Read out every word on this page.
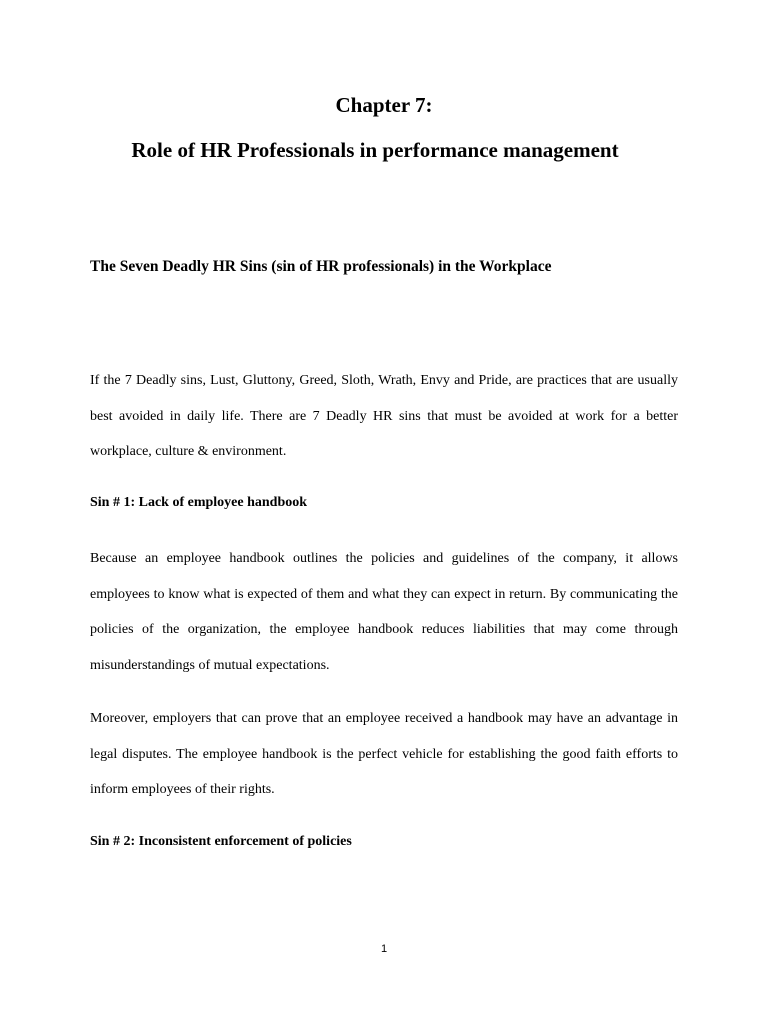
Chapter 7:
Role of HR Professionals in performance management
The Seven Deadly HR Sins (sin of HR professionals) in the Workplace

If the 7 Deadly sins, Lust, Gluttony, Greed, Sloth, Wrath, Envy and Pride, are practices that are usually best avoided in daily life. There are 7 Deadly HR sins that must be avoided at work for a better workplace, culture & environment.

Sin # 1: Lack of employee handbook

Because an employee handbook outlines the policies and guidelines of the company, it allows employees to know what is expected of them and what they can expect in return. By communicating the policies of the organization, the employee handbook reduces liabilities that may come through misunderstandings of mutual expectations.

Moreover, employers that can prove that an employee received a handbook may have an advantage in legal disputes. The employee handbook is the perfect vehicle for establishing the good faith efforts to inform employees of their rights.

Sin # 2: Inconsistent enforcement of policies
1
